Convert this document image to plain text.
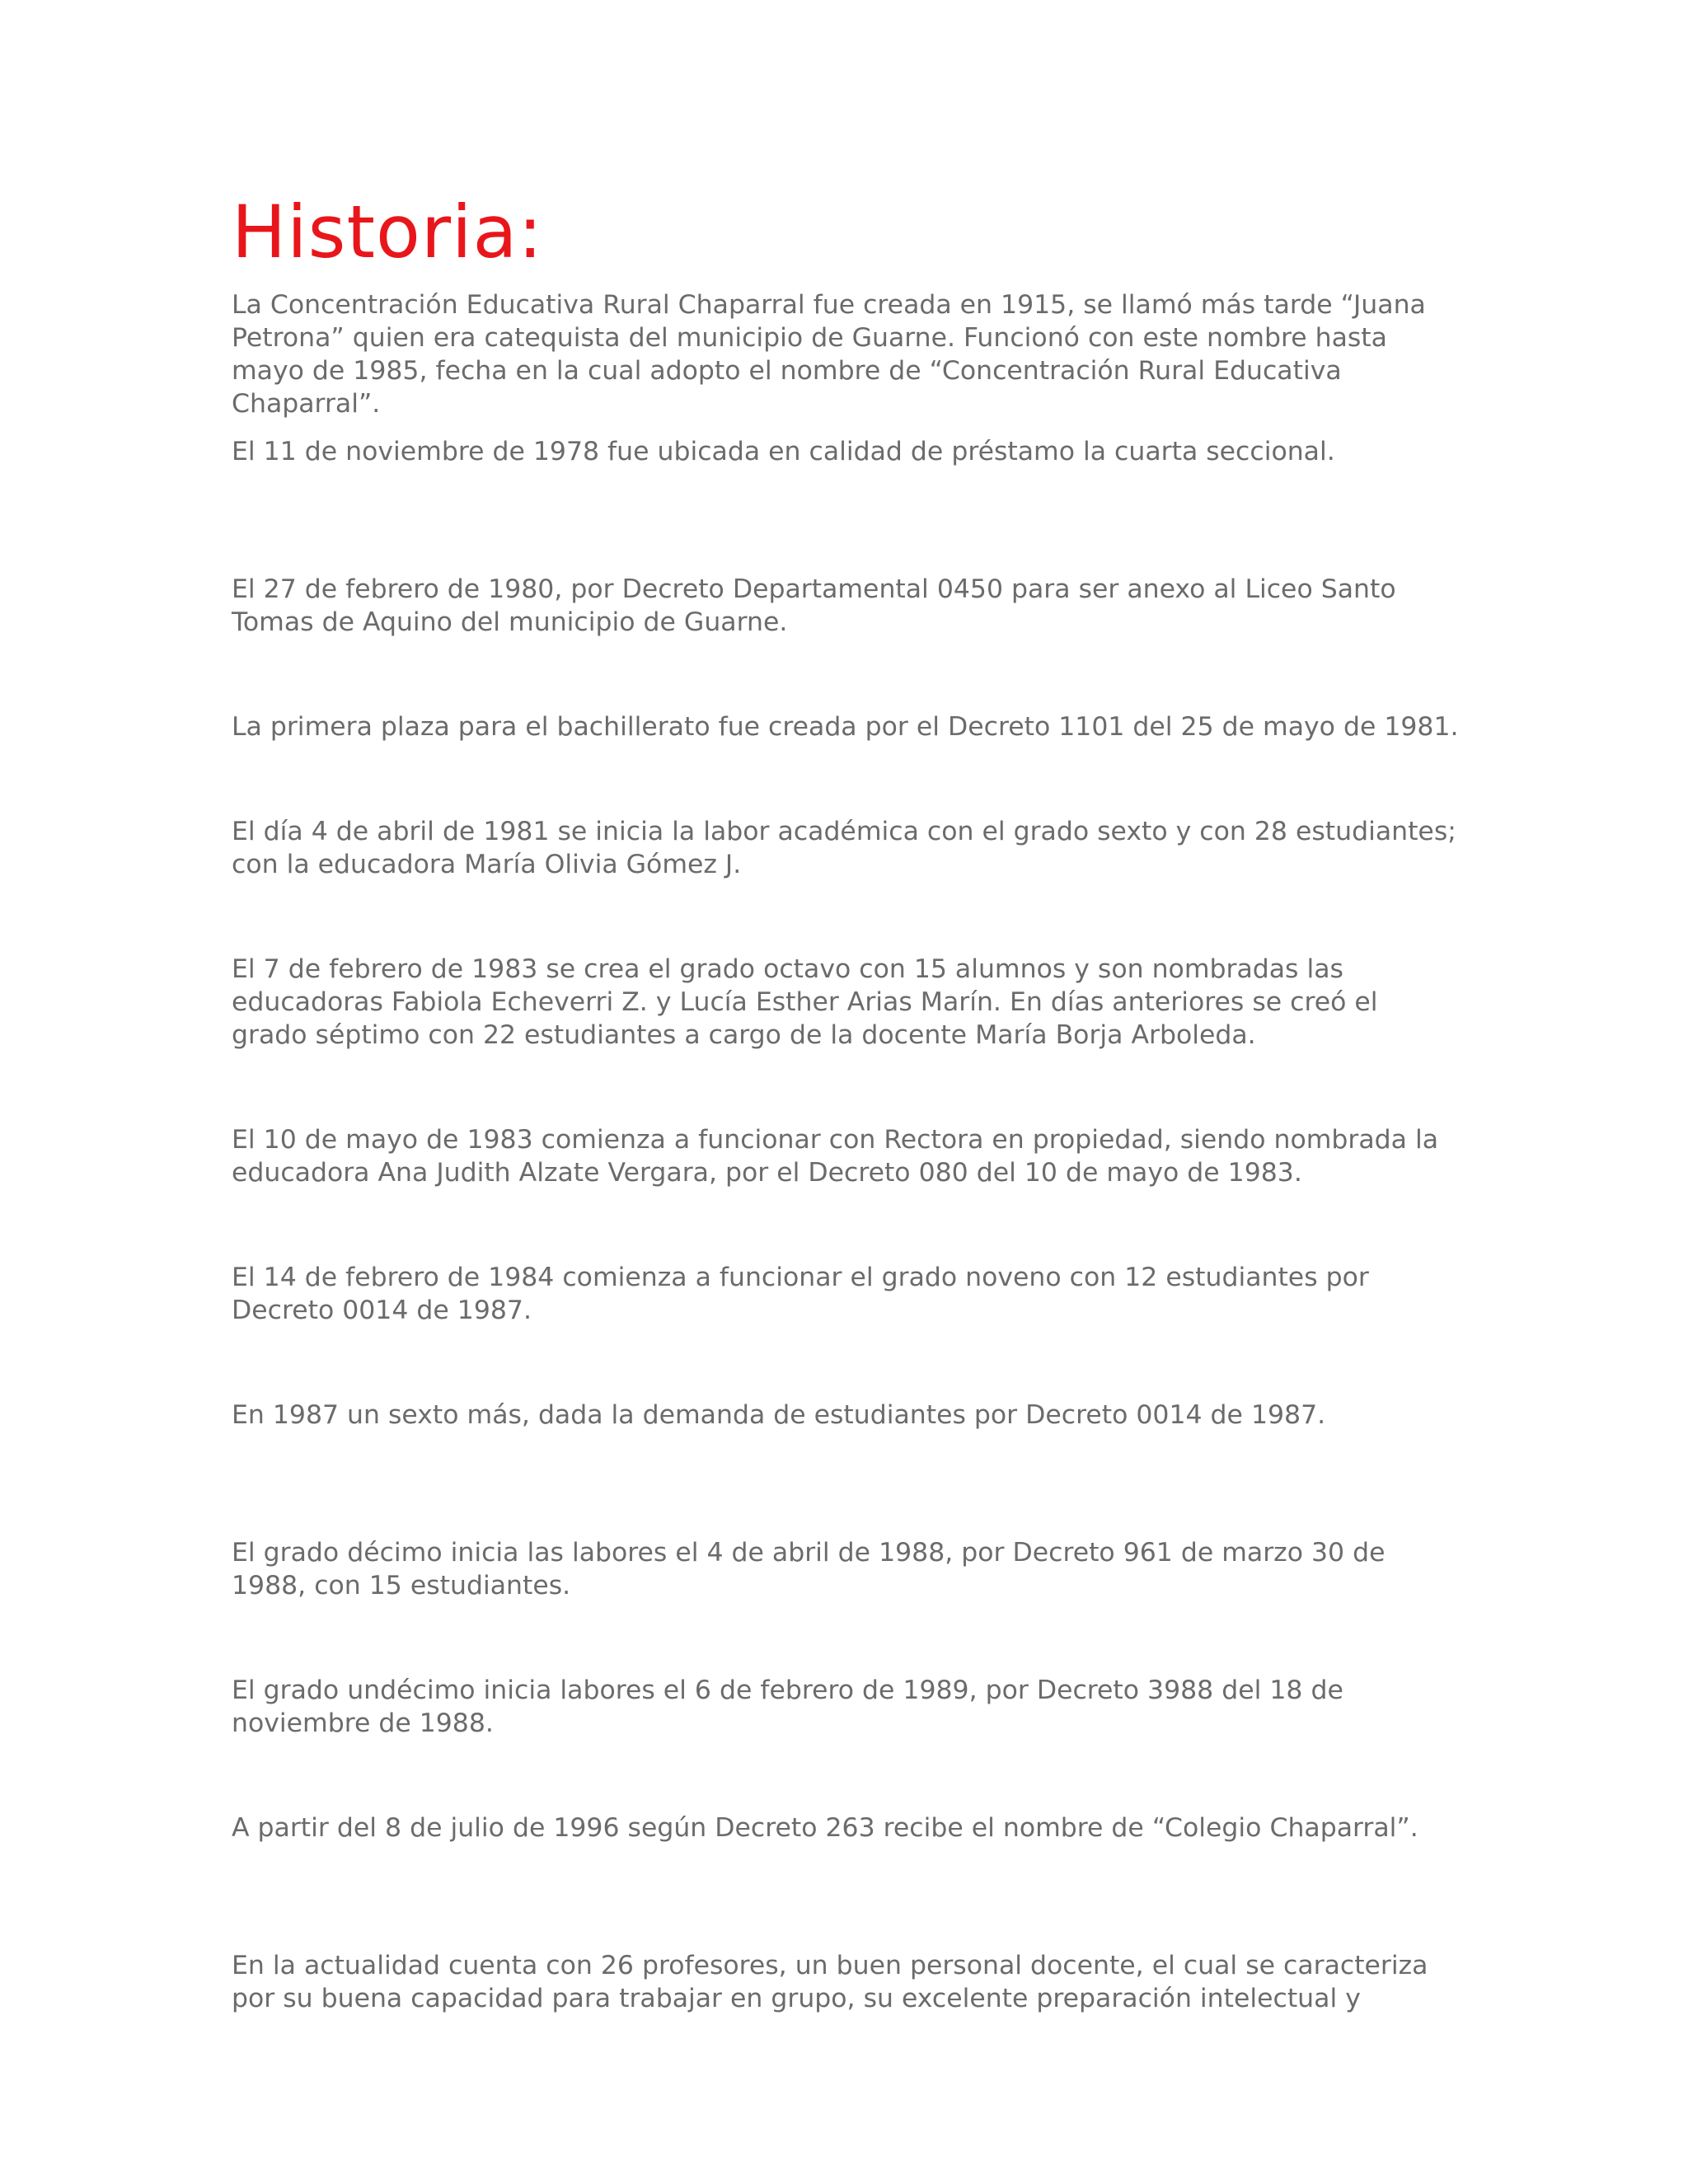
Historia:

La Concentración Educativa Rural Chaparral fue creada en 1915, se llamó más tarde “Juana Petrona” quien era catequista del municipio de Guarne. Funcionó con este nombre hasta mayo de 1985, fecha en la cual adopto el nombre de “Concentración Rural Educativa Chaparral”.

El 11 de noviembre de 1978 fue ubicada en calidad de préstamo la cuarta seccional.

El 27 de febrero de 1980, por Decreto Departamental 0450 para ser anexo al Liceo Santo Tomas de Aquino del municipio de Guarne.

La primera plaza para el bachillerato fue creada por el Decreto 1101 del 25 de mayo de 1981.

El día 4 de abril de 1981 se inicia la labor académica con el grado sexto y con 28 estudiantes; con la educadora María Olivia Gómez J.

El 7 de febrero de 1983 se crea el grado octavo con 15 alumnos y son nombradas las educadoras Fabiola Echeverri Z. y Lucía Esther Arias Marín. En días anteriores se creó el grado séptimo con 22 estudiantes a cargo de la docente María Borja Arboleda.

El 10 de mayo de 1983 comienza a funcionar con Rectora en propiedad, siendo nombrada la educadora Ana Judith Alzate Vergara, por el Decreto 080 del 10 de mayo de 1983.

El 14 de febrero de 1984 comienza a funcionar el grado noveno con 12 estudiantes por Decreto 0014 de 1987.

En 1987 un sexto más, dada la demanda de estudiantes por Decreto 0014 de 1987.

El grado décimo inicia las labores el 4 de abril de 1988, por Decreto 961 de marzo 30 de 1988, con 15 estudiantes.

El grado undécimo inicia labores el 6 de febrero de 1989, por Decreto 3988 del 18 de noviembre de 1988.

A partir del 8 de julio de 1996 según Decreto 263 recibe el nombre de “Colegio Chaparral”.

En la actualidad cuenta con 26 profesores, un buen personal docente, el cual se caracteriza por su buena capacidad para trabajar en grupo, su excelente preparación intelectual y
